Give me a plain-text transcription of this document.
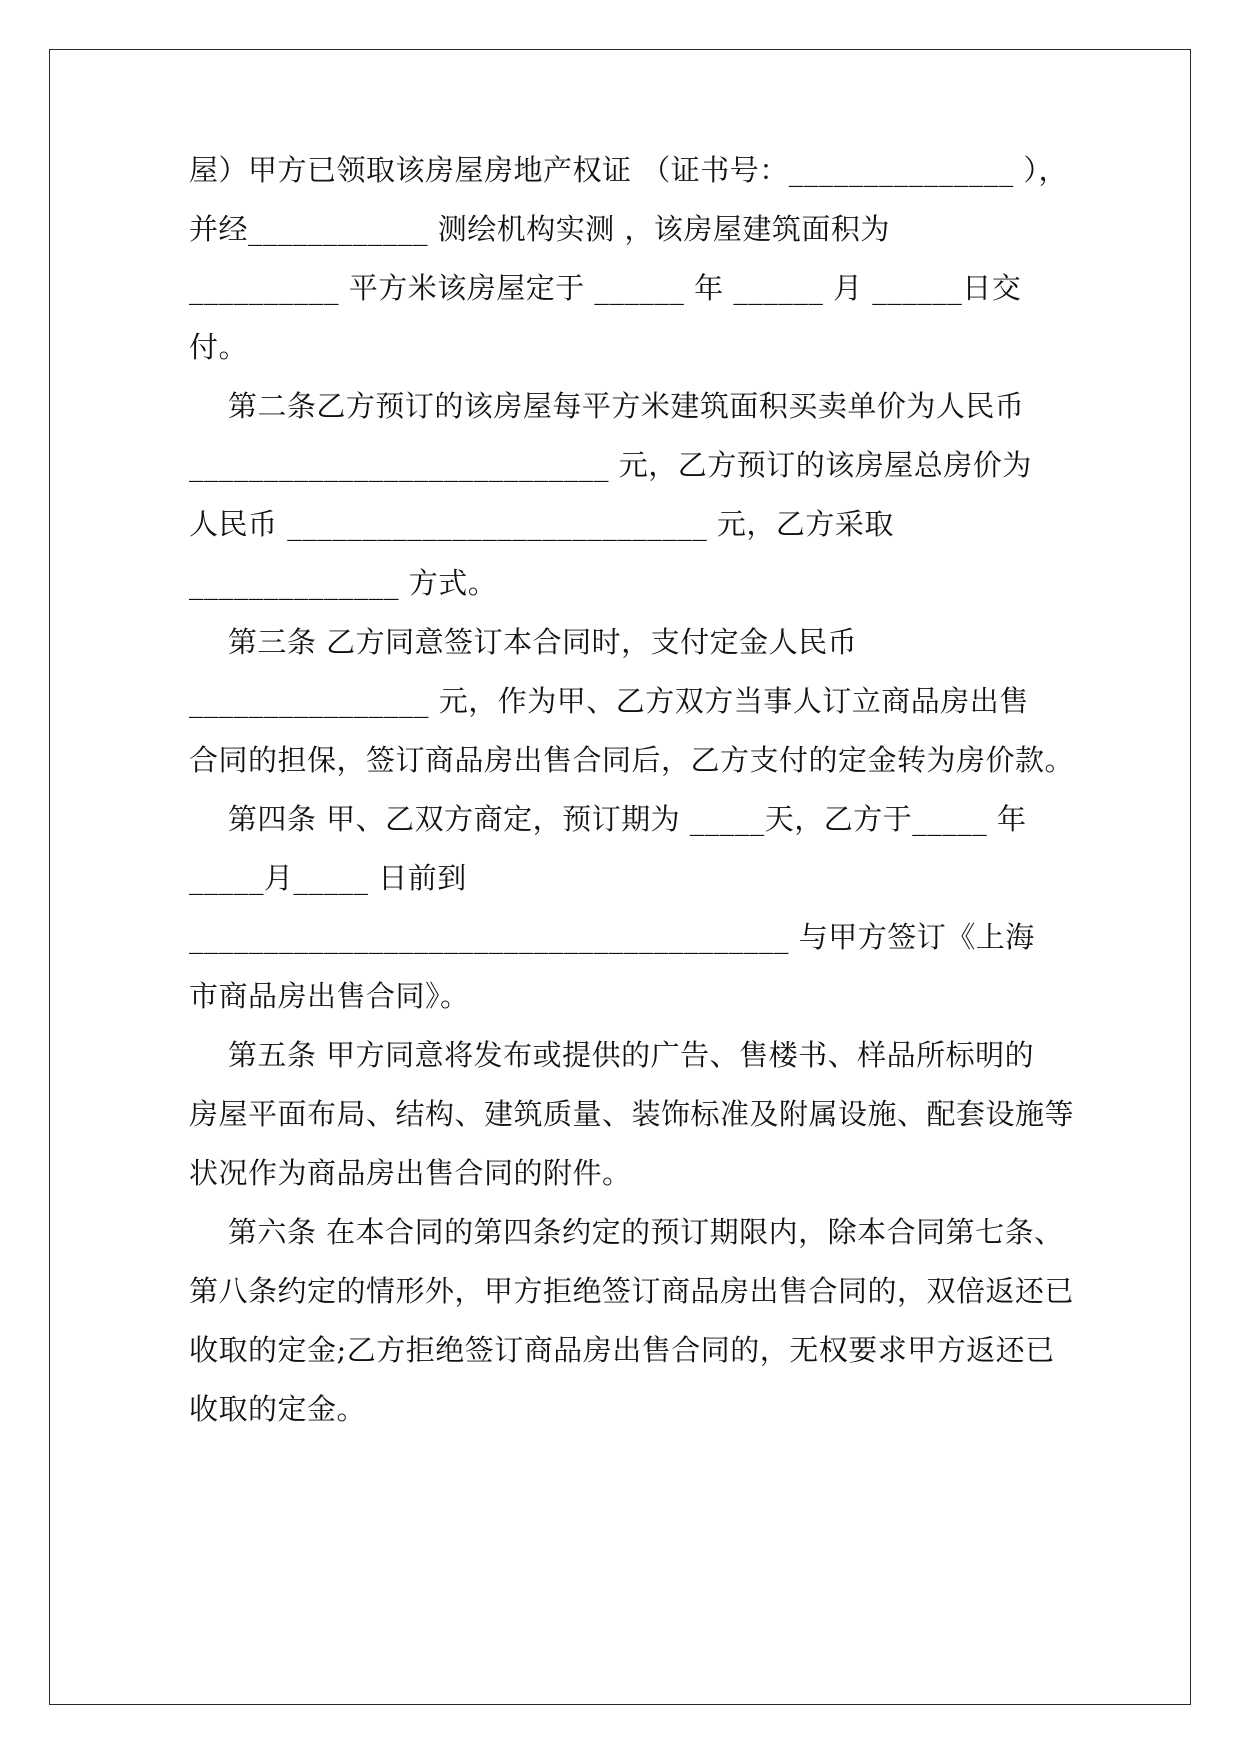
屋）甲方已领取该房屋房地产权证 （证书号：_______________ ），
并经____________ 测绘机构实测 ，该房屋建筑面积为
__________ 平方米该房屋定于 ______ 年 ______ 月 ______日交
付。
第二条乙方预订的该房屋每平方米建筑面积买卖单价为人民币
____________________________ 元，乙方预订的该房屋总房价为
人民币 ____________________________ 元，乙方采取
______________ 方式。
第三条 乙方同意签订本合同时，支付定金人民币
________________ 元，作为甲、乙方双方当事人订立商品房出售
合同的担保，签订商品房出售合同后，乙方支付的定金转为房价款。
第四条 甲、乙双方商定，预订期为 _____天，乙方于_____ 年
_____月_____ 日前到
________________________________________ 与甲方签订《上海
市商品房出售合同》。
第五条 甲方同意将发布或提供的广告、售楼书、样品所标明的
房屋平面布局、结构、建筑质量、装饰标准及附属设施、配套设施等
状况作为商品房出售合同的附件。
第六条 在本合同的第四条约定的预订期限内，除本合同第七条、
第八条约定的情形外，甲方拒绝签订商品房出售合同的，双倍返还已
收取的定金;乙方拒绝签订商品房出售合同的，无权要求甲方返还已
收取的定金。
